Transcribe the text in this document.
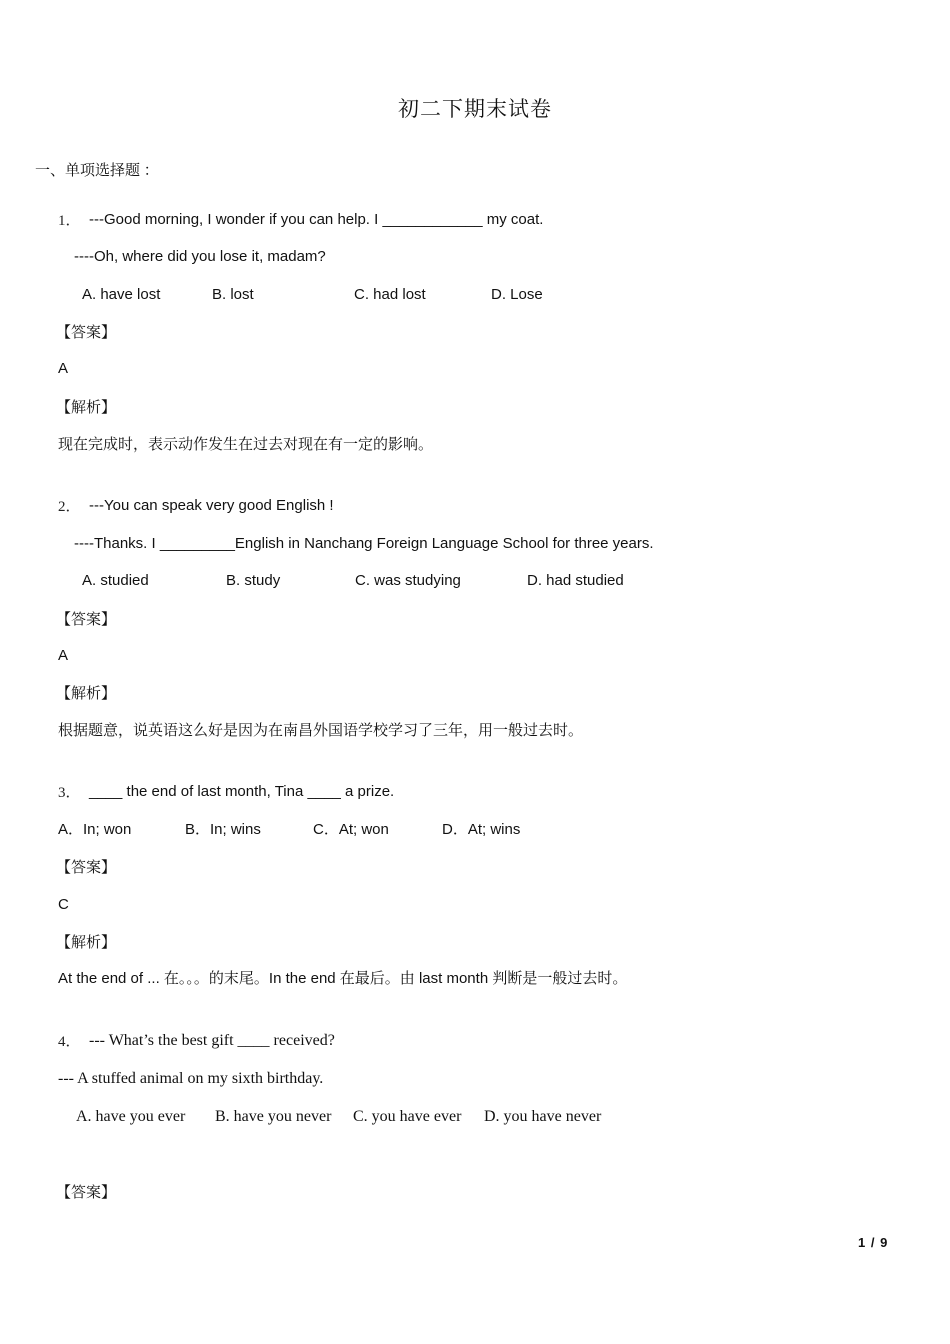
初二下期末试卷
一、单项选择题 ：
1． ---Good morning, I wonder if you can help. I ____________ my coat.
----Oh, where did you lose it, madam?
A. have lost	B. lost	C. had lost	D. Lose
【答案】
A
【解析】
现在完成时，表示动作发生在过去对现在有一定的影响。
2． ---You can speak very good English !
----Thanks. I _________English in Nanchang Foreign Language School for three years.
A. studied	B. study	C. was studying	D. had studied
【答案】
A
【解析】
根据题意，说英语这么好是因为在南昌外国语学校学习了三年，用一般过去时。
3． ____ the end of last month, Tina ____ a prize.
A．In; won	B．In; wins	C．At; won	D．At; wins
【答案】
C
【解析】
At the end of ... 在。。。的末尾。In the end 在最后。由 last month 判断是一般过去时。
4． --- What’s the best gift ____ received?
--- A stuffed animal on my sixth birthday.
A. have you ever B. have you never C. you have ever D. you have never
【答案】
1 / 9
